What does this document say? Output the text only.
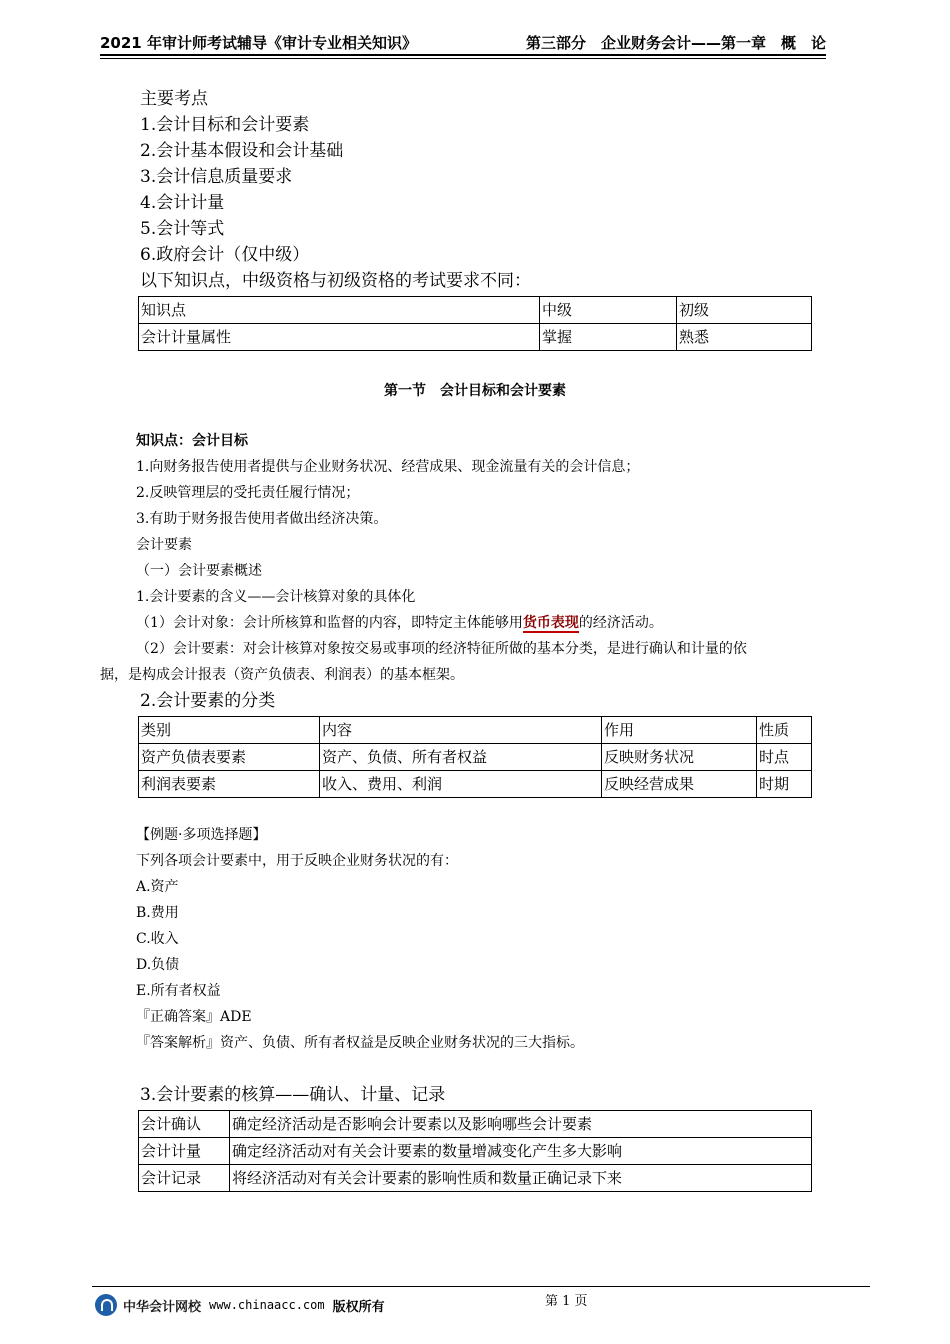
2021 年审计师考试辅导《审计专业相关知识》	第三部分　企业财务会计——第一章　概　论

主要考点

1.会计目标和会计要素

2.会计基本假设和会计基础

3.会计信息质量要求

4.会计计量

5.会计等式

6.政府会计（仅中级）

以下知识点，中级资格与初级资格的考试要求不同：

知识点	中级	初级
会计计量属性	掌握	熟悉
第一节　会计目标和会计要素

知识点：会计目标

1.向财务报告使用者提供与企业财务状况、经营成果、现金流量有关的会计信息；

2.反映管理层的受托责任履行情况；

3.有助于财务报告使用者做出经济决策。

会计要素

（一）会计要素概述

1.会计要素的含义——会计核算对象的具体化

（1）会计对象：会计所核算和监督的内容，即特定主体能够用货币表现的经济活动。

（2）会计要素：对会计核算对象按交易或事项的经济特征所做的基本分类，是进行确认和计量的依

据，是构成会计报表（资产负债表、利润表）的基本框架。

2.会计要素的分类

类别	内容	作用	性质
资产负债表要素	资产、负债、所有者权益	反映财务状况	时点
利润表要素	收入、费用、利润	反映经营成果	时期

【例题·多项选择题】

下列各项会计要素中，用于反映企业财务状况的有：

A.资产

B.费用

C.收入

D.负债

E.所有者权益

『正确答案』ADE

『答案解析』资产、负债、所有者权益是反映企业财务状况的三大指标。

3.会计要素的核算——确认、计量、记录

会计确认	确定经济活动是否影响会计要素以及影响哪些会计要素
会计计量	确定经济活动对有关会计要素的数量增减变化产生多大影响
会计记录	将经济活动对有关会计要素的影响性质和数量正确记录下来
第 1 页
中华会计网校 www.chinaacc.com 版权所有
